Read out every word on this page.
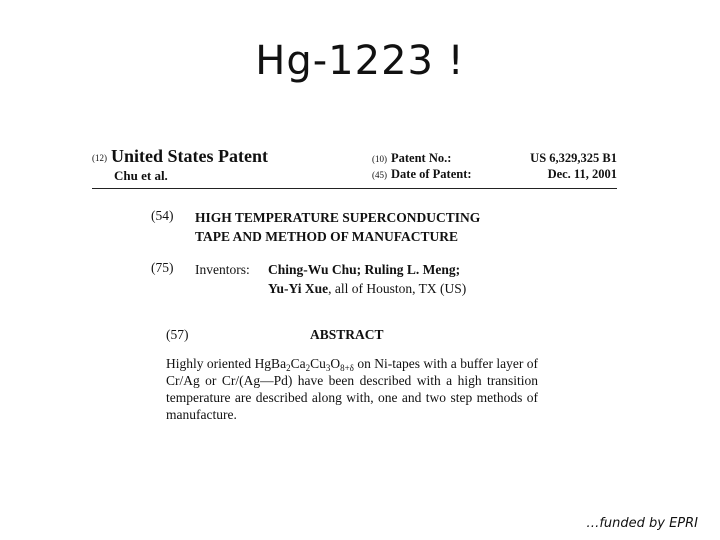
Hg-1223 !
(12) United States Patent
Chu et al.
(10) Patent No.:	US 6,329,325 B1
(45) Date of Patent:	Dec. 11, 2001
(54) HIGH TEMPERATURE SUPERCONDUCTING
TAPE AND METHOD OF MANUFACTURE
(75) Inventors: Ching-Wu Chu; Ruling L. Meng;
Yu-Yi Xue, all of Houston, TX (US)
(57)	ABSTRACT
Highly oriented $HgBa_2Ca_2Cu_3O_{8+\delta}$ on Ni-tapes with a buffer layer of Cr/Ag or Cr/(Ag—Pd) have been described with a high transition temperature are described along with, one and two step methods of manufacture.
…funded by EPRI
